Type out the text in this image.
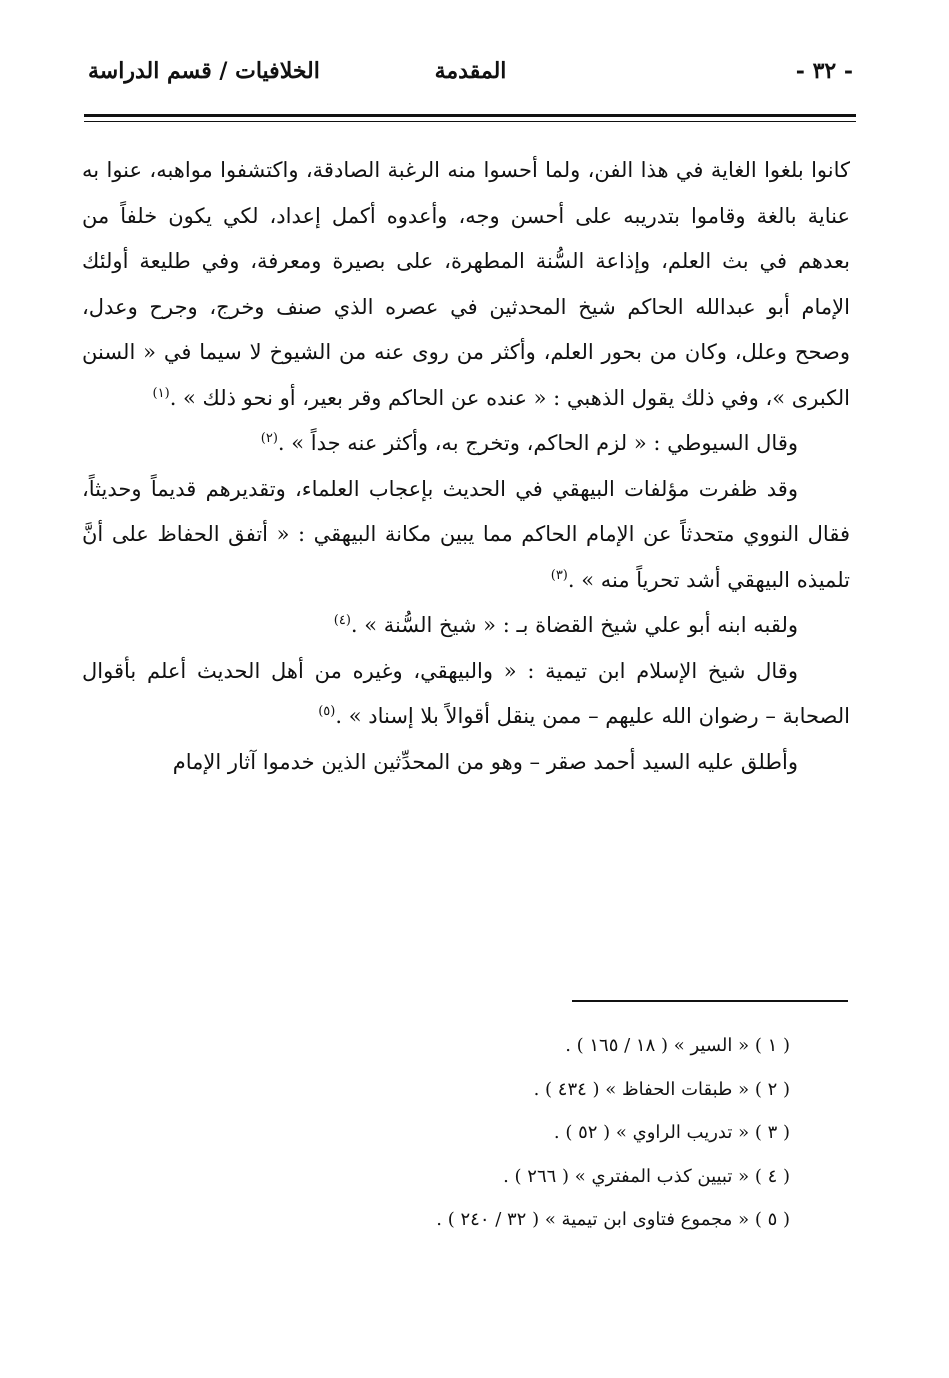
- ٣٢ -
المقدمة
الخلافيات / قسم الدراسة

كانوا بلغوا الغاية في هذا الفن، ولما أحسوا منه الرغبة الصادقة، واكتشفوا مواهبه، عنوا به عناية بالغة وقاموا بتدريبه على أحسن وجه، وأعدوه أكمل إعداد، لكي يكون خلفاً من بعدهم في بث العلم، وإذاعة السُّنة المطهرة، على بصيرة ومعرفة، وفي طليعة أولئك الإمام أبو عبدالله الحاكم شيخ المحدثين في عصره الذي صنف وخرج، وجرح وعدل، وصحح وعلل، وكان من بحور العلم، وأكثر من روى عنه من الشيوخ لا سيما في « السنن الكبرى »، وفي ذلك يقول الذهبي : « عنده عن الحاكم وقر بعير، أو نحو ذلك » .$^{(١)}$

وقال السيوطي : « لزم الحاكم، وتخرج به، وأكثر عنه جداً » .$^{(٢)}$

وقد ظفرت مؤلفات البيهقي في الحديث بإعجاب العلماء، وتقديرهم قديماً وحديثاً، فقال النووي متحدثاً عن الإمام الحاكم مما يبين مكانة البيهقي : « أتفق الحفاظ على أنَّ تلميذه البيهقي أشد تحرياً منه » .$^{(٣)}$

ولقبه ابنه أبو علي شيخ القضاة بـ : « شيخ السُّنة » .$^{(٤)}$

وقال شيخ الإسلام ابن تيمية : « والبيهقي، وغيره من أهل الحديث أعلم بأقوال الصحابة – رضوان الله عليهم – ممن ينقل أقوالاً بلا إسناد » .$^{(٥)}$

وأطلق عليه السيد أحمد صقر – وهو من المحدِّثين الذين خدموا آثار الإمام

( ١ ) « السير » ( ١٨ / ١٦٥ ) .
( ٢ ) « طبقات الحفاظ » ( ٤٣٤ ) .
( ٣ ) « تدريب الراوي » ( ٥٢ ) .
( ٤ ) « تبيين كذب المفتري » ( ٢٦٦ ) .
( ٥ ) « مجموع فتاوى ابن تيمية » ( ٣٢ / ٢٤٠ ) .
